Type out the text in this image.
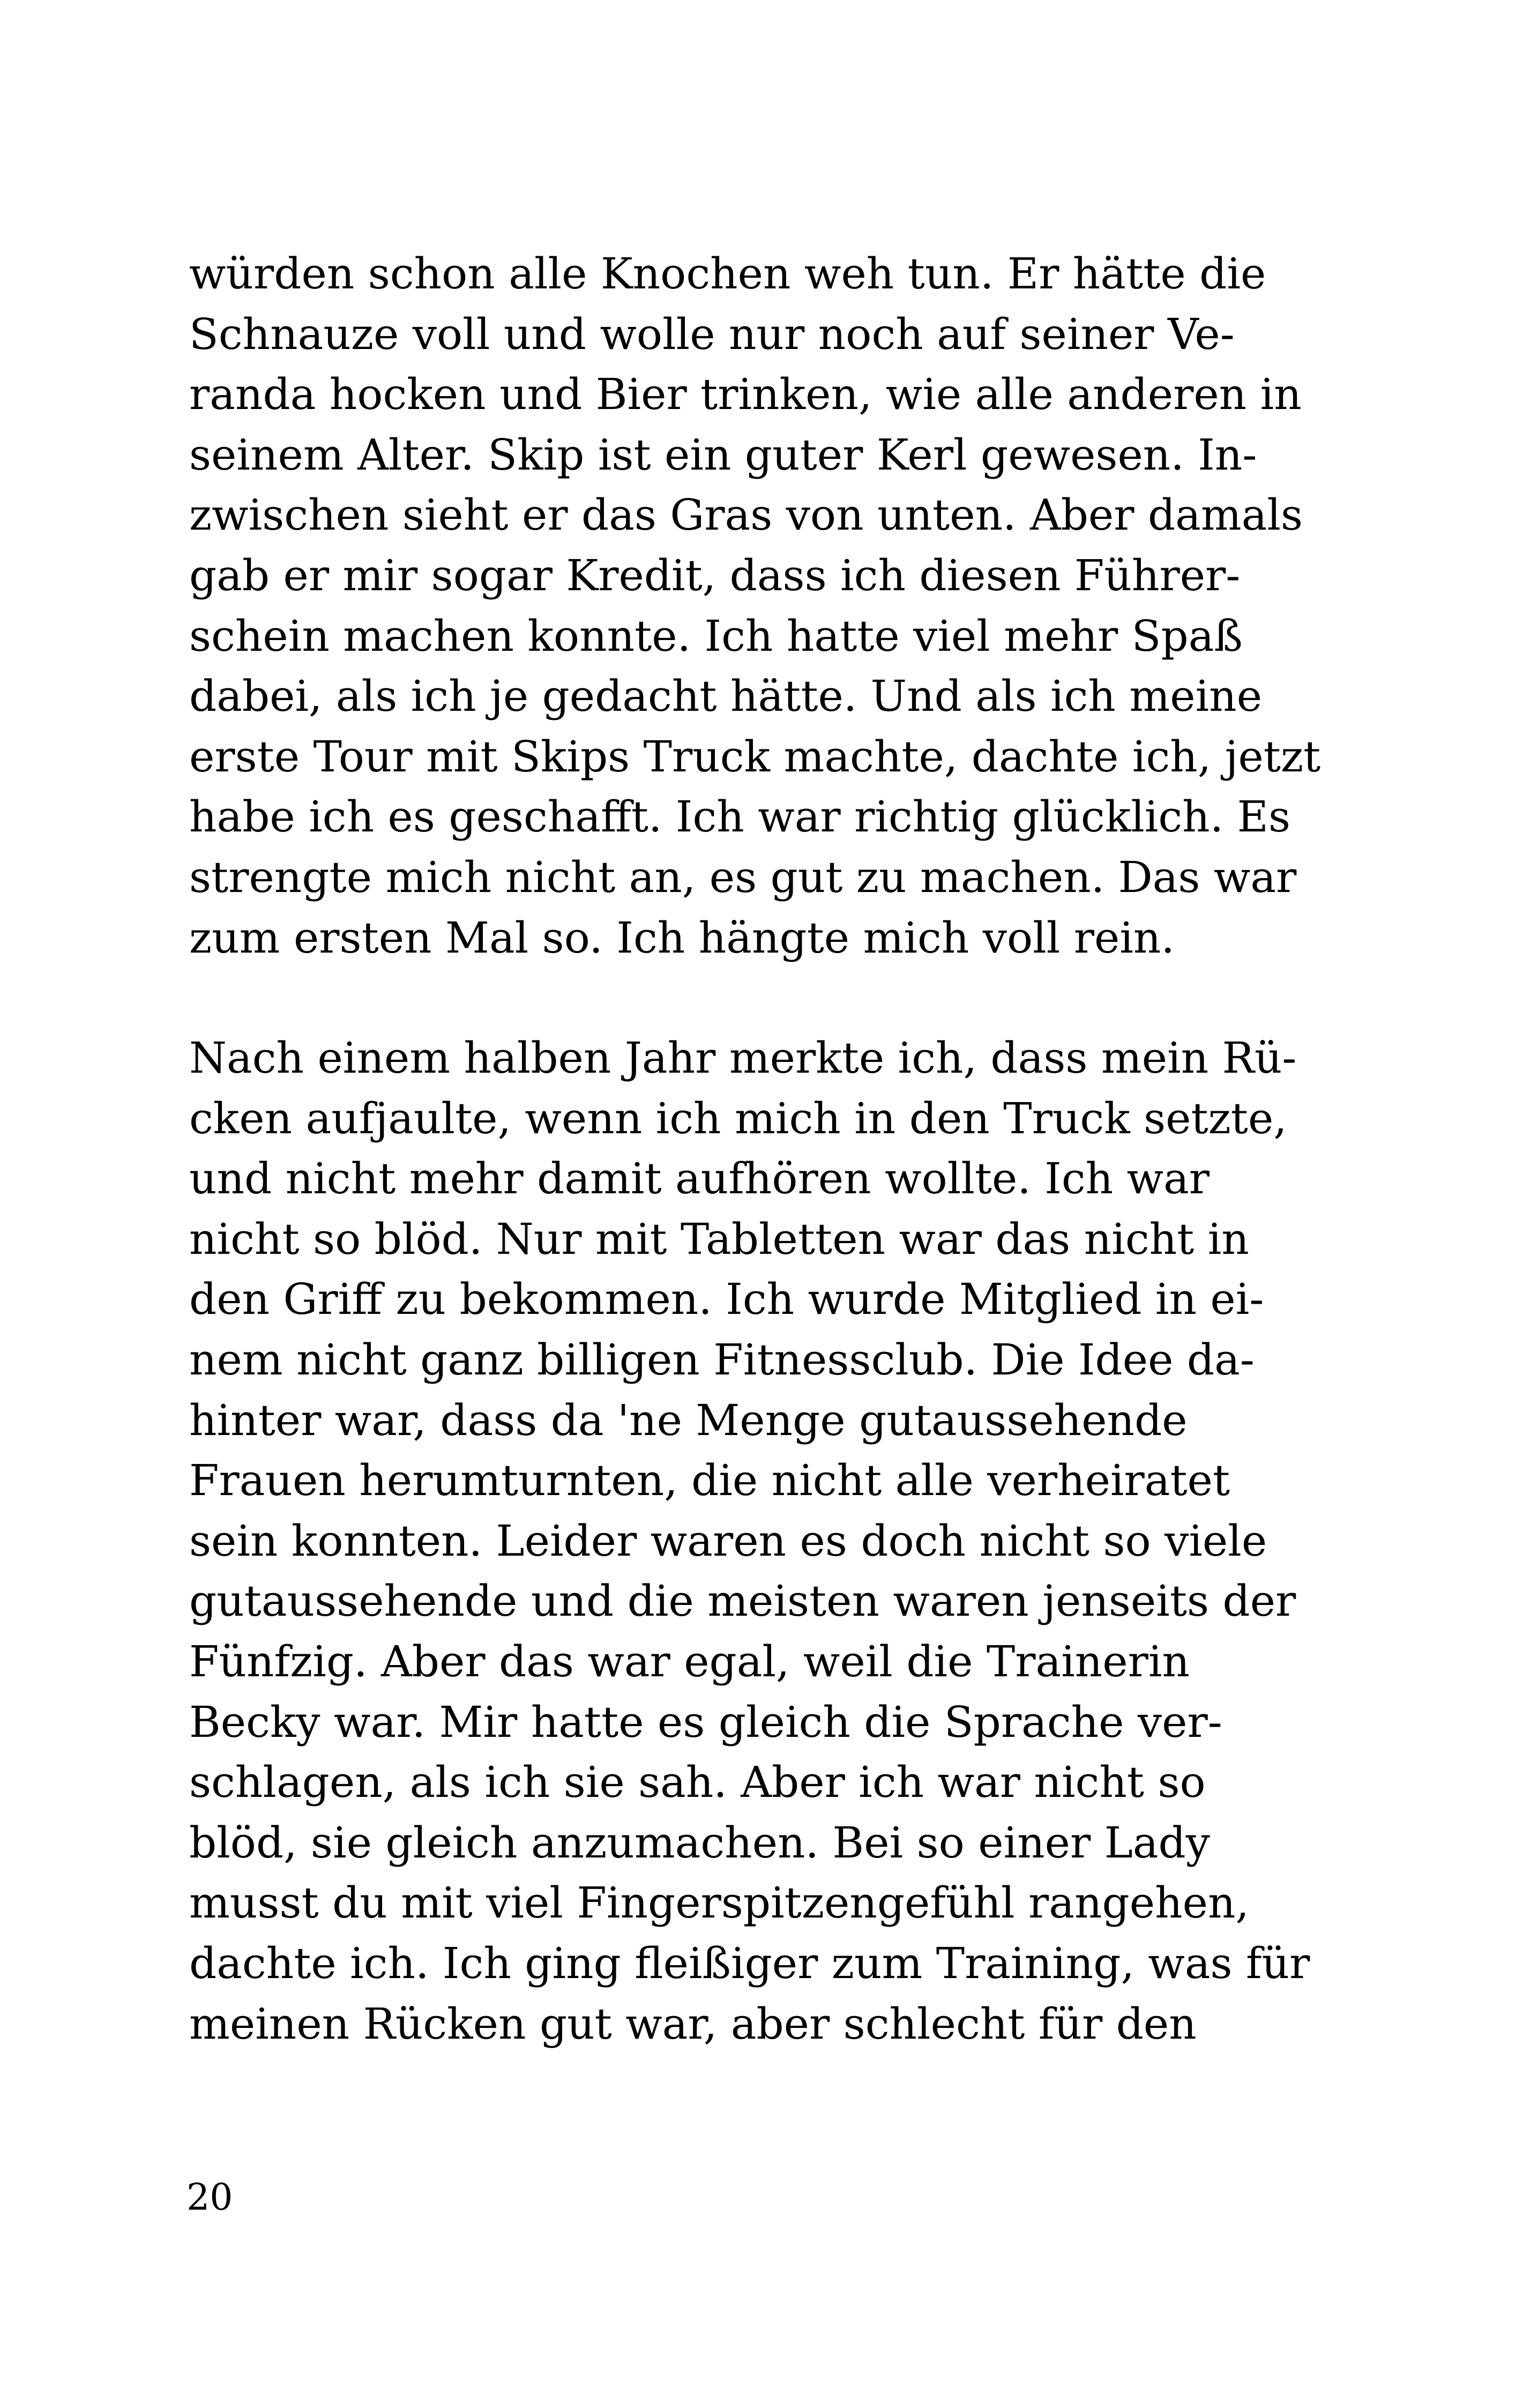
würden schon alle Knochen weh tun. Er hätte die
Schnauze voll und wolle nur noch auf seiner Ve-
randa hocken und Bier trinken, wie alle anderen in
seinem Alter. Skip ist ein guter Kerl gewesen. In-
zwischen sieht er das Gras von unten. Aber damals
gab er mir sogar Kredit, dass ich diesen Führer-
schein machen konnte. Ich hatte viel mehr Spaß
dabei, als ich je gedacht hätte. Und als ich meine
erste Tour mit Skips Truck machte, dachte ich, jetzt
habe ich es geschafft. Ich war richtig glücklich. Es
strengte mich nicht an, es gut zu machen. Das war
zum ersten Mal so. Ich hängte mich voll rein.
Nach einem halben Jahr merkte ich, dass mein Rü-
cken aufjaulte, wenn ich mich in den Truck setzte,
und nicht mehr damit aufhören wollte. Ich war
nicht so blöd. Nur mit Tabletten war das nicht in
den Griff zu bekommen. Ich wurde Mitglied in ei-
nem nicht ganz billigen Fitnessclub. Die Idee da-
hinter war, dass da 'ne Menge gutaussehende
Frauen herumturnten, die nicht alle verheiratet
sein konnten. Leider waren es doch nicht so viele
gutaussehende und die meisten waren jenseits der
Fünfzig. Aber das war egal, weil die Trainerin
Becky war. Mir hatte es gleich die Sprache ver-
schlagen, als ich sie sah. Aber ich war nicht so
blöd, sie gleich anzumachen. Bei so einer Lady
musst du mit viel Fingerspitzengefühl rangehen,
dachte ich. Ich ging fleißiger zum Training, was für
meinen Rücken gut war, aber schlecht für den
20
